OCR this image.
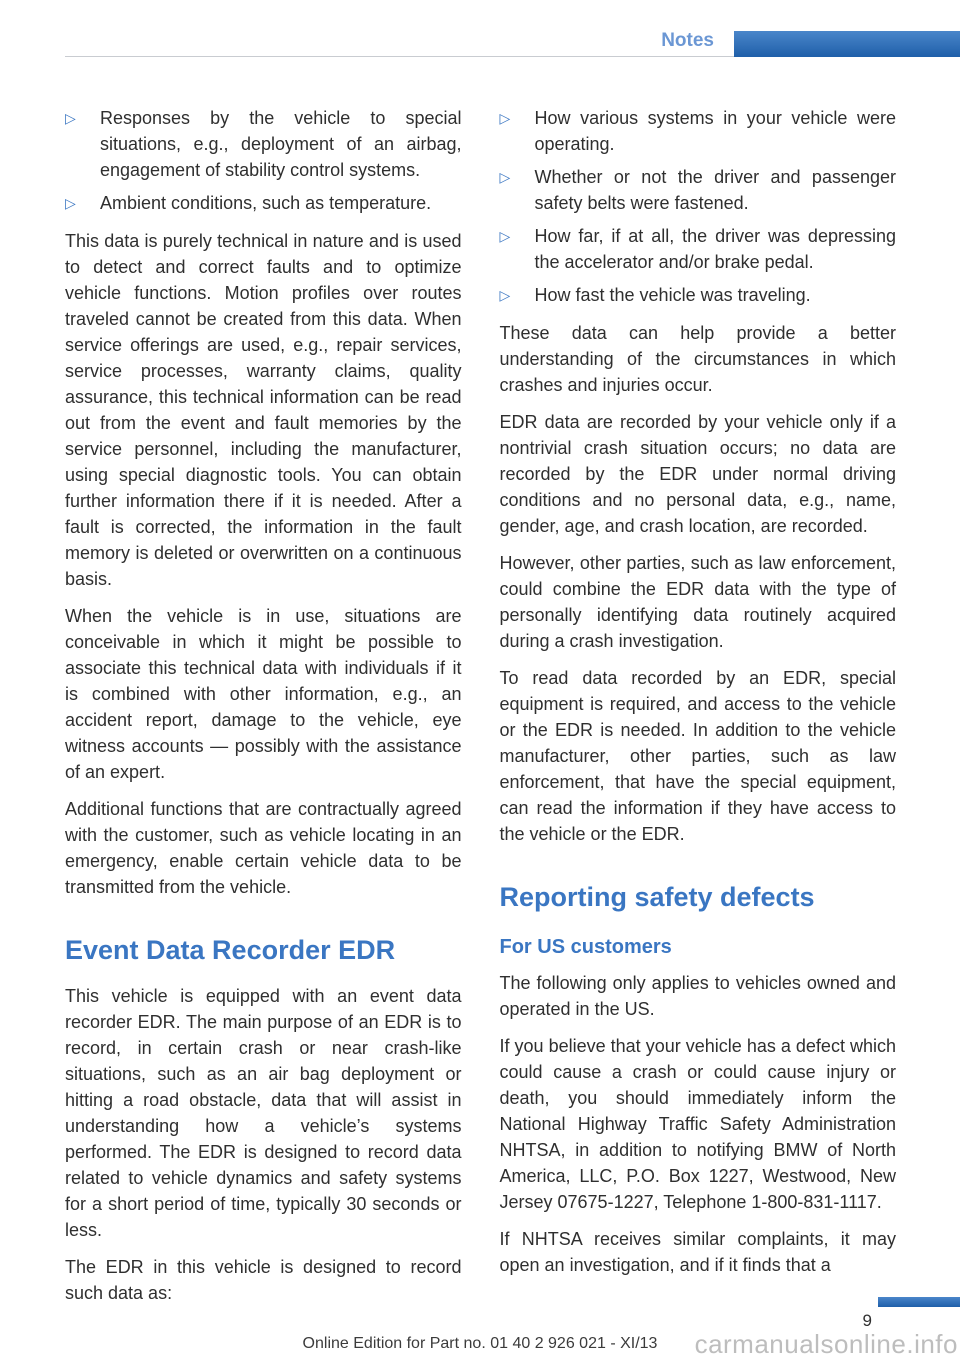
Notes
▷	Responses by the vehicle to special situations, e.g., deployment of an airbag, engagement of stability control systems.
▷	Ambient conditions, such as temperature.

This data is purely technical in nature and is used to detect and correct faults and to optimize vehicle functions. Motion profiles over routes traveled cannot be created from this data. When service offerings are used, e.g., repair services, service processes, warranty claims, quality assurance, this technical information can be read out from the event and fault memories by the service personnel, including the manufacturer, using special diagnostic tools. You can obtain further information there if it is needed. After a fault is corrected, the information in the fault memory is deleted or overwritten on a continuous basis.

When the vehicle is in use, situations are conceivable in which it might be possible to associate this technical data with individuals if it is combined with other information, e.g., an accident report, damage to the vehicle, eye witness accounts — possibly with the assistance of an expert.

Additional functions that are contractually agreed with the customer, such as vehicle locating in an emergency, enable certain vehicle data to be transmitted from the vehicle.

Event Data Recorder EDR

This vehicle is equipped with an event data recorder EDR. The main purpose of an EDR is to record, in certain crash or near crash-like situations, such as an air bag deployment or hitting a road obstacle, data that will assist in understanding how a vehicle’s systems performed. The EDR is designed to record data related to vehicle dynamics and safety systems for a short period of time, typically 30 seconds or less.

The EDR in this vehicle is designed to record such data as:

▷	How various systems in your vehicle were operating.
▷	Whether or not the driver and passenger safety belts were fastened.
▷	How far, if at all, the driver was depressing the accelerator and/or brake pedal.
▷	How fast the vehicle was traveling.

These data can help provide a better understanding of the circumstances in which crashes and injuries occur.

EDR data are recorded by your vehicle only if a nontrivial crash situation occurs; no data are recorded by the EDR under normal driving conditions and no personal data, e.g., name, gender, age, and crash location, are recorded.

However, other parties, such as law enforcement, could combine the EDR data with the type of personally identifying data routinely acquired during a crash investigation.

To read data recorded by an EDR, special equipment is required, and access to the vehicle or the EDR is needed. In addition to the vehicle manufacturer, other parties, such as law enforcement, that have the special equipment, can read the information if they have access to the vehicle or the EDR.

Reporting safety defects
For US customers

The following only applies to vehicles owned and operated in the US.

If you believe that your vehicle has a defect which could cause a crash or could cause injury or death, you should immediately inform the National Highway Traffic Safety Administration NHTSA, in addition to notifying BMW of North America, LLC, P.O. Box 1227, Westwood, New Jersey 07675-1227, Telephone 1-800-831-1117.

If NHTSA receives similar complaints, it may open an investigation, and if it finds that a

9
Online Edition for Part no. 01 40 2 926 021 - XI/13	carmanualsonline.info
